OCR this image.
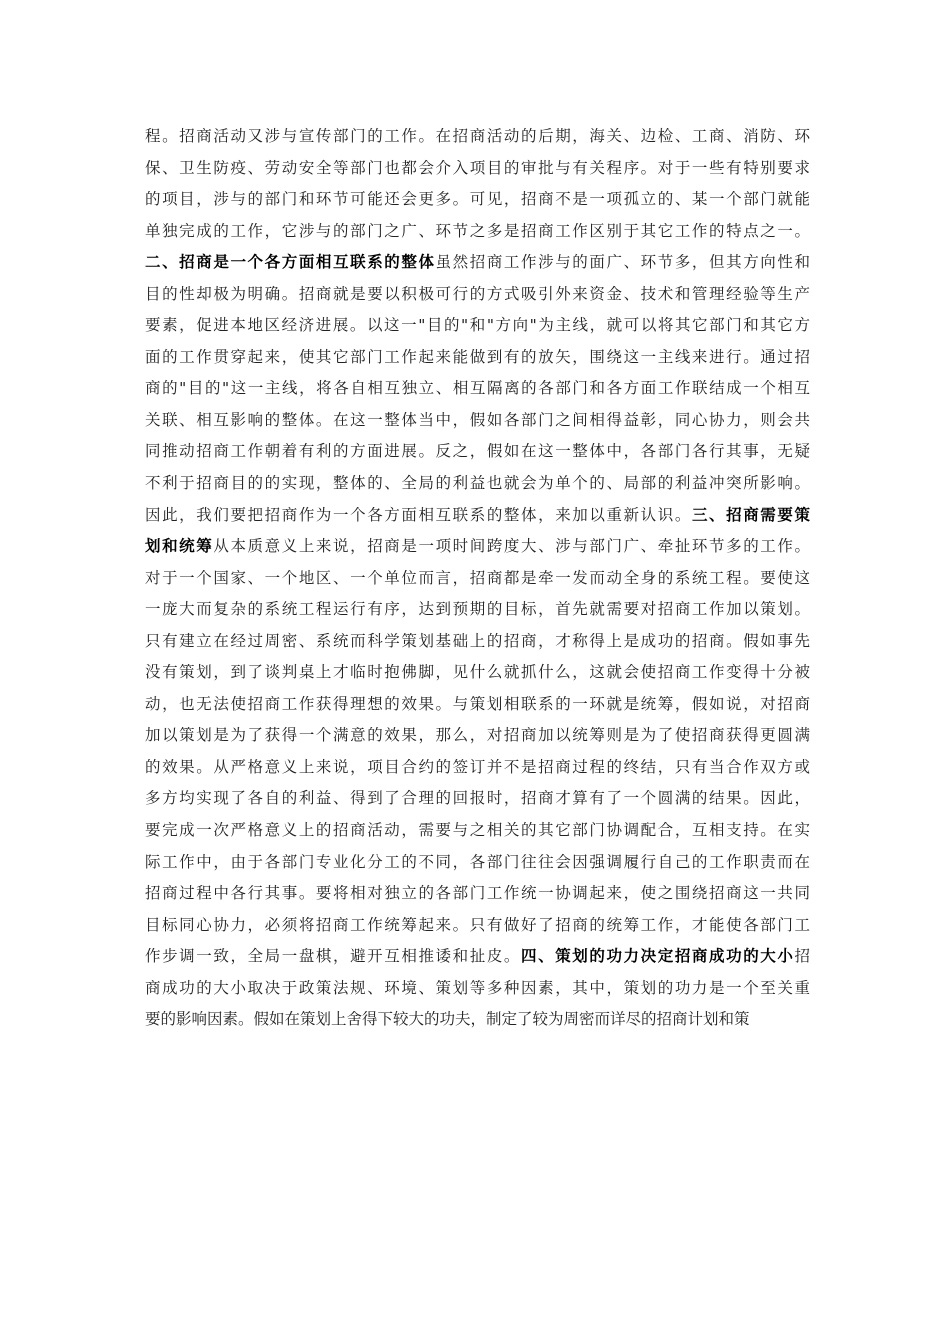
程。招商活动又涉与宣传部门的工作。在招商活动的后期，海关、边检、工商、消防、环
保、卫生防疫、劳动安全等部门也都会介入项目的审批与有关程序。对于一些有特别要求
的项目，涉与的部门和环节可能还会更多。可见，招商不是一项孤立的、某一个部门就能
单独完成的工作，它涉与的部门之广、环节之多是招商工作区别于其它工作的特点之一。
二、招商是一个各方面相互联系的整体虽然招商工作涉与的面广、环节多，但其方向性和
目的性却极为明确。招商就是要以积极可行的方式吸引外来资金、技术和管理经验等生产
要素，促进本地区经济进展。以这一"目的"和"方向"为主线，就可以将其它部门和其它方
面的工作贯穿起来，使其它部门工作起来能做到有的放矢，围绕这一主线来进行。通过招
商的"目的"这一主线，将各自相互独立、相互隔离的各部门和各方面工作联结成一个相互
关联、相互影响的整体。在这一整体当中，假如各部门之间相得益彰，同心协力，则会共
同推动招商工作朝着有利的方面进展。反之，假如在这一整体中，各部门各行其事，无疑
不利于招商目的的实现，整体的、全局的利益也就会为单个的、局部的利益冲突所影响。
因此，我们要把招商作为一个各方面相互联系的整体，来加以重新认识。三、招商需要策
划和统筹从本质意义上来说，招商是一项时间跨度大、涉与部门广、牵扯环节多的工作。
对于一个国家、一个地区、一个单位而言，招商都是牵一发而动全身的系统工程。要使这
一庞大而复杂的系统工程运行有序，达到预期的目标，首先就需要对招商工作加以策划。
只有建立在经过周密、系统而科学策划基础上的招商，才称得上是成功的招商。假如事先
没有策划，到了谈判桌上才临时抱佛脚，见什么就抓什么，这就会使招商工作变得十分被
动，也无法使招商工作获得理想的效果。与策划相联系的一环就是统筹，假如说，对招商
加以策划是为了获得一个满意的效果，那么，对招商加以统筹则是为了使招商获得更圆满
的效果。从严格意义上来说，项目合约的签订并不是招商过程的终结，只有当合作双方或
多方均实现了各自的利益、得到了合理的回报时，招商才算有了一个圆满的结果。因此，
要完成一次严格意义上的招商活动，需要与之相关的其它部门协调配合，互相支持。在实
际工作中，由于各部门专业化分工的不同，各部门往往会因强调履行自己的工作职责而在
招商过程中各行其事。要将相对独立的各部门工作统一协调起来，使之围绕招商这一共同
目标同心协力，必须将招商工作统筹起来。只有做好了招商的统筹工作，才能使各部门工
作步调一致，全局一盘棋，避开互相推诿和扯皮。四、策划的功力决定招商成功的大小招
商成功的大小取决于政策法规、环境、策划等多种因素，其中，策划的功力是一个至关重
要的影响因素。假如在策划上舍得下较大的功夫，制定了较为周密而详尽的招商计划和策
